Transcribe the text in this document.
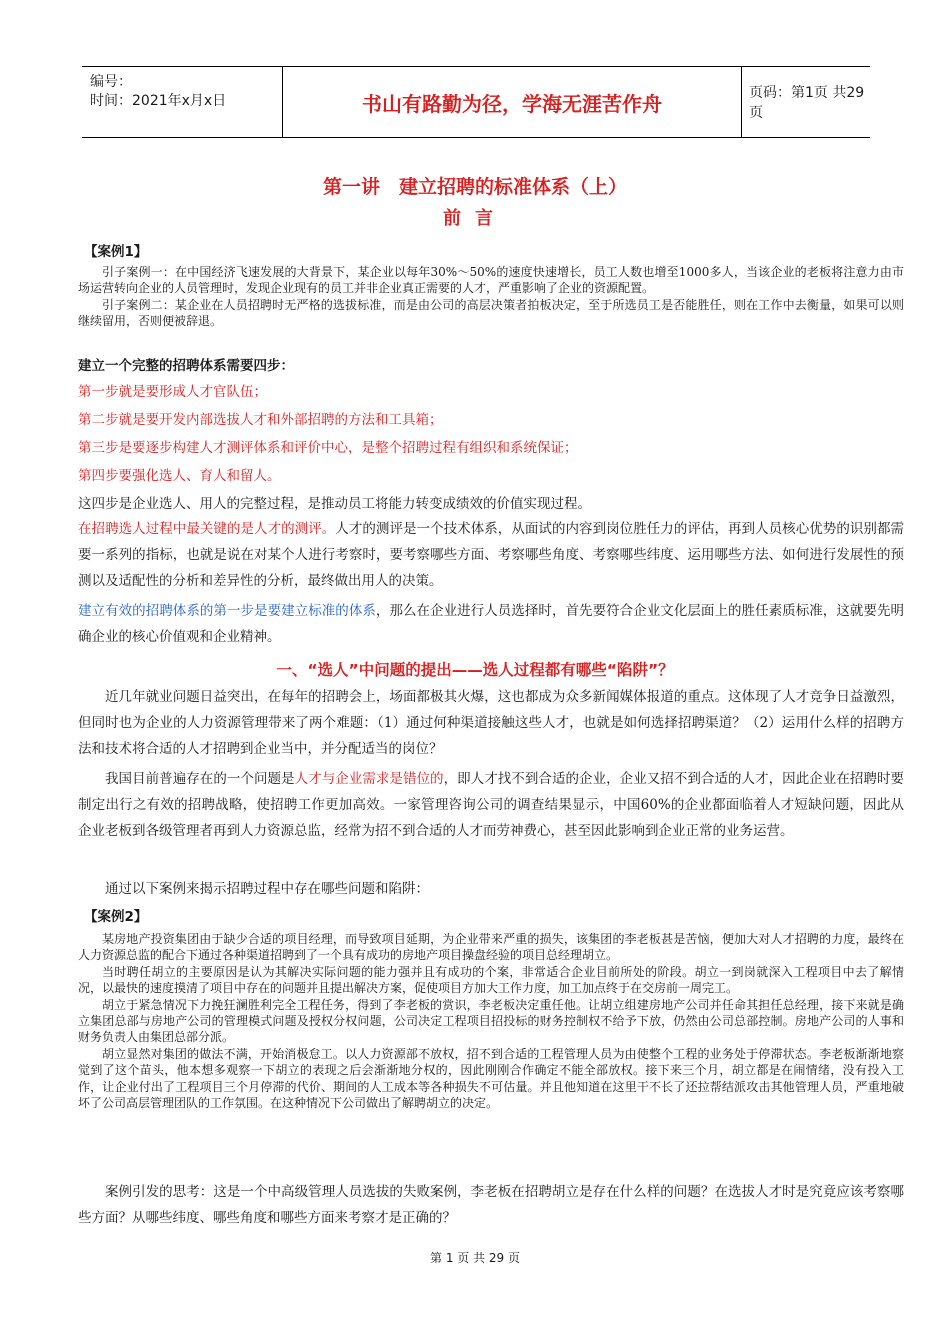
编号：
时间：2021年x月x日	书山有路勤为径，学海无涯苦作舟	页码：第1页 共29页
第一讲　建立招聘的标准体系（上）
前言
【案例1】

引子案例一：在中国经济飞速发展的大背景下，某企业以每年30%～50%的速度快速增长，员工人数也增至1000多人，当该企业的老板将注意力由市场运营转向企业的人员管理时，发现企业现有的员工并非企业真正需要的人才，严重影响了企业的资源配置。

引子案例二：某企业在人员招聘时无严格的选拔标准，而是由公司的高层决策者拍板决定，至于所选员工是否能胜任，则在工作中去衡量，如果可以则继续留用，否则便被辞退。

建立一个完整的招聘体系需要四步：

第一步就是要形成人才官队伍；

第二步就是要开发内部选拔人才和外部招聘的方法和工具箱；

第三步是要逐步构建人才测评体系和评价中心，是整个招聘过程有组织和系统保证；

第四步要强化选人、育人和留人。

这四步是企业选人、用人的完整过程，是推动员工将能力转变成绩效的价值实现过程。

在招聘选人过程中最关键的是人才的测评。人才的测评是一个技术体系，从面试的内容到岗位胜任力的评估，再到人员核心优势的识别都需要一系列的指标，也就是说在对某个人进行考察时，要考察哪些方面、考察哪些角度、考察哪些纬度、运用哪些方法、如何进行发展性的预测以及适配性的分析和差异性的分析，最终做出用人的决策。

建立有效的招聘体系的第一步是要建立标准的体系，那么在企业进行人员选择时，首先要符合企业文化层面上的胜任素质标准，这就要先明确企业的核心价值观和企业精神。

一、“选人”中问题的提出——选人过程都有哪些“陷阱”？

近几年就业问题日益突出，在每年的招聘会上，场面都极其火爆，这也都成为众多新闻媒体报道的重点。这体现了人才竞争日益激烈，但同时也为企业的人力资源管理带来了两个难题：（1）通过何种渠道接触这些人才，也就是如何选择招聘渠道？（2）运用什么样的招聘方法和技术将合适的人才招聘到企业当中，并分配适当的岗位？

我国目前普遍存在的一个问题是人才与企业需求是错位的，即人才找不到合适的企业，企业又招不到合适的人才，因此企业在招聘时要制定出行之有效的招聘战略，使招聘工作更加高效。一家管理咨询公司的调查结果显示，中国60%的企业都面临着人才短缺问题，因此从企业老板到各级管理者再到人力资源总监，经常为招不到合适的人才而劳神费心，甚至因此影响到企业正常的业务运营。

通过以下案例来揭示招聘过程中存在哪些问题和陷阱：

【案例2】

某房地产投资集团由于缺少合适的项目经理，而导致项目延期，为企业带来严重的损失，该集团的李老板甚是苦恼，便加大对人才招聘的力度，最终在人力资源总监的配合下通过各种渠道招聘到了一个具有成功的房地产项目操盘经验的项目总经理胡立。

当时聘任胡立的主要原因是认为其解决实际问题的能力强并且有成功的个案，非常适合企业目前所处的阶段。胡立一到岗就深入工程项目中去了解情况，以最快的速度摸清了项目中存在的问题并且提出解决方案，促使项目方加大工作力度，加工加点终于在交房前一周完工。

胡立于紧急情况下力挽狂澜胜利完全工程任务，得到了李老板的赏识，李老板决定重任他。让胡立组建房地产公司并任命其担任总经理，接下来就是确立集团总部与房地产公司的管理模式问题及授权分权问题，公司决定工程项目招投标的财务控制权不给予下放，仍然由公司总部控制。房地产公司的人事和财务负责人由集团总部分派。

胡立显然对集团的做法不满，开始消极怠工。以人力资源部不放权，招不到合适的工程管理人员为由使整个工程的业务处于停滞状态。李老板渐渐地察觉到了这个苗头，他本想多观察一下胡立的表现之后会渐渐地分权的，因此刚刚合作确定不能全部放权。接下来三个月，胡立都是在闹情绪，没有投入工作，让企业付出了工程项目三个月停滞的代价、期间的人工成本等各种损失不可估量。并且他知道在这里干不长了还拉帮结派攻击其他管理人员，严重地破坏了公司高层管理团队的工作氛围。在这种情况下公司做出了解聘胡立的决定。

案例引发的思考：这是一个中高级管理人员选拔的失败案例，李老板在招聘胡立是存在什么样的问题？在选拔人才时是究竟应该考察哪些方面？从哪些纬度、哪些角度和哪些方面来考察才是正确的？

第 1 页 共 29 页
